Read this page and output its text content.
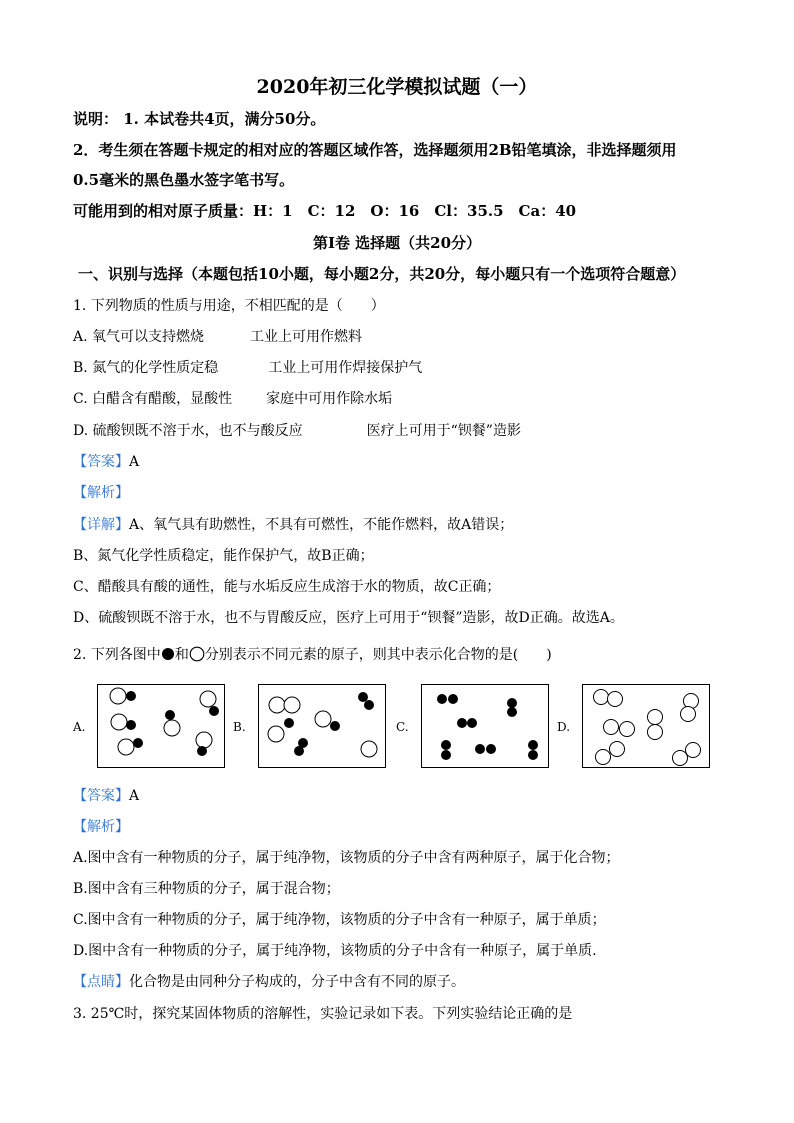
2020年初三化学模拟试题（一）
说明： 1. 本试卷共4页，满分50分。
2．考生须在答题卡规定的相对应的答题区域作答，选择题须用2B铅笔填涂，非选择题须用
0.5毫米的黑色墨水签字笔书写。
可能用到的相对原子质量：H：1　C：12　O：16　Cl：35.5　Ca：40
第Ⅰ卷 选择题（共20分）
一、识别与选择（本题包括10小题，每小题2分，共20分，每小题只有一个选项符合题意）
1. 下列物质的性质与用途，不相匹配的是（　　）
A. 氧气可以支持燃烧	工业上可用作燃料
B. 氮气的化学性质定稳	工业上可用作焊接保护气
C. 白醋含有醋酸，显酸性 家庭中可用作除水垢
D. 硫酸钡既不溶于水，也不与酸反应	医疗上可用于“钡餐”造影
【答案】A
【解析】
【详解】A、氧气具有助燃性，不具有可燃性，不能作燃料，故A错误；
B、氮气化学性质稳定，能作保护气，故B正确；
C、醋酸具有酸的通性，能与水垢反应生成溶于水的物质，故C正确；
D、硫酸钡既不溶于水，也不与胃酸反应，医疗上可用于“钡餐”造影，故D正确。故选A。
2. 下列各图中 和 分别表示不同元素的原子，则其中表示化合物的是(　　)
A.	B.	C.	D.
【答案】A
【解析】
A.图中含有一种物质的分子，属于纯净物，该物质的分子中含有两种原子，属于化合物；
B.图中含有三种物质的分子，属于混合物；
C.图中含有一种物质的分子，属于纯净物，该物质的分子中含有一种原子，属于单质；
D.图中含有一种物质的分子，属于纯净物，该物质的分子中含有一种原子，属于单质.
【点睛】化合物是由同种分子构成的，分子中含有不同的原子。
3. 25℃时，探究某固体物质的溶解性，实验记录如下表。下列实验结论正确的是
